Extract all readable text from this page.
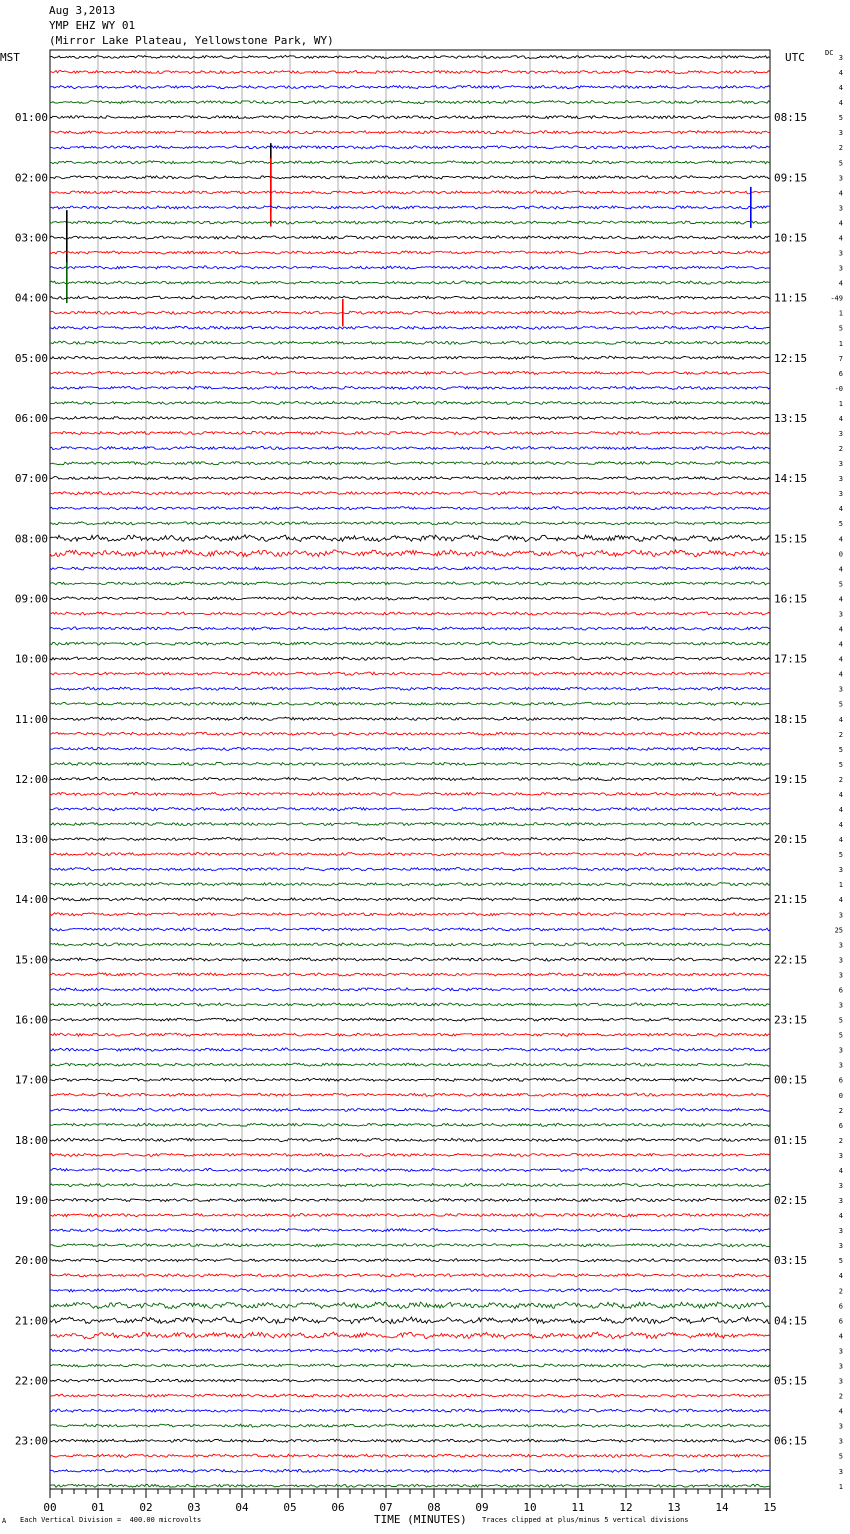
Aug 3,2013
YMP EHZ WY 01
(Mirror Lake Plateau, Yellowstone Park, WY)
MST	UTC	DC
3
4
4
4
5
3
2
5
3
4
3
4
4
3
3
4
-49
1
5
1
7
6
-0
1
4
3
2
3
3
3
4
5
4
0
4
5
4
3
4
4
4
4
3
5
4
2
5
5
2
4
4
4
4
5
3
1
4
3
25
3
3
3
6
3
5
5
3
3
6
0
2
6
2
3
4
3
3
4
3
3
5
4
2
6
6
4
3
3
3
2
4
3
3
5
3
1
01:00
02:00
03:00
04:00
05:00
06:00
07:00
08:00
09:00
10:00
11:00
12:00
13:00
14:00
15:00
16:00
17:00
18:00
19:00
20:00
21:00
22:00
23:00
08:15
09:15
10:15
11:15
12:15
13:15
14:15
15:15
16:15
17:15
18:15
19:15
20:15
21:15
22:15
23:15
00:15
01:15
02:15
03:15
04:15
05:15
06:15
00	01	02	03	04	05	06	07	08	09	10	11	12	13	14	15
A Each Vertical Division =  400.00 microvolts	TIME (MINUTES) Traces clipped at plus/minus 5 vertical divisions
